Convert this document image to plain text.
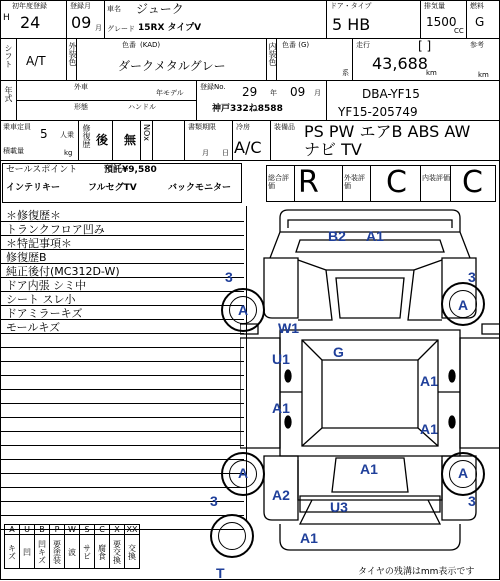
初年度登録	登録月
H 24 09 月
車名 ジューク
グレード 15RX タイプV
ドア・タイプ
5 HB
排気量
1500
CC
燃料
G
シフト A/T	外装色	色番 (KAD)
ダークメタルグレー	内装色 色番 (G)	走行	[ ]	参考
43,688
km
系	km
年式	外車
年モデル
形態	ハンドル
登録No. 29 年 09 月
神戸332ね8588
DBA-YF15
YF15-205749
乗車定員 5 人乗
積載量	kg
修復歴 後 無 NOx	書類期限
月 日
冷房
A/C
装備品 PS PW エアB ABS AW
ナビ TV
セールスポイント	預託¥9,580
インテリキー	フルセグTV	バックモニター
総合評価 R	外装評価	C 内装評価 C
＊修復歴＊
トランクフロア凹み
＊特記事項＊
修復歴B
純正後付(MC312D-W)
ドア内張 シミ中
シート スレ小
ドアミラーキズ
モールキズ
B2 A1
3	3
A	A
W1
G
U1
A1
A1
A1
A	A
A1
A2
3	3
U3
A1
T
A	U	B	P	W	S	C	X	XX
キズ	凹	凹キズ	要塗装	波	サビ	腐食	要交換	交換
タイヤの残溝はmm表示です
